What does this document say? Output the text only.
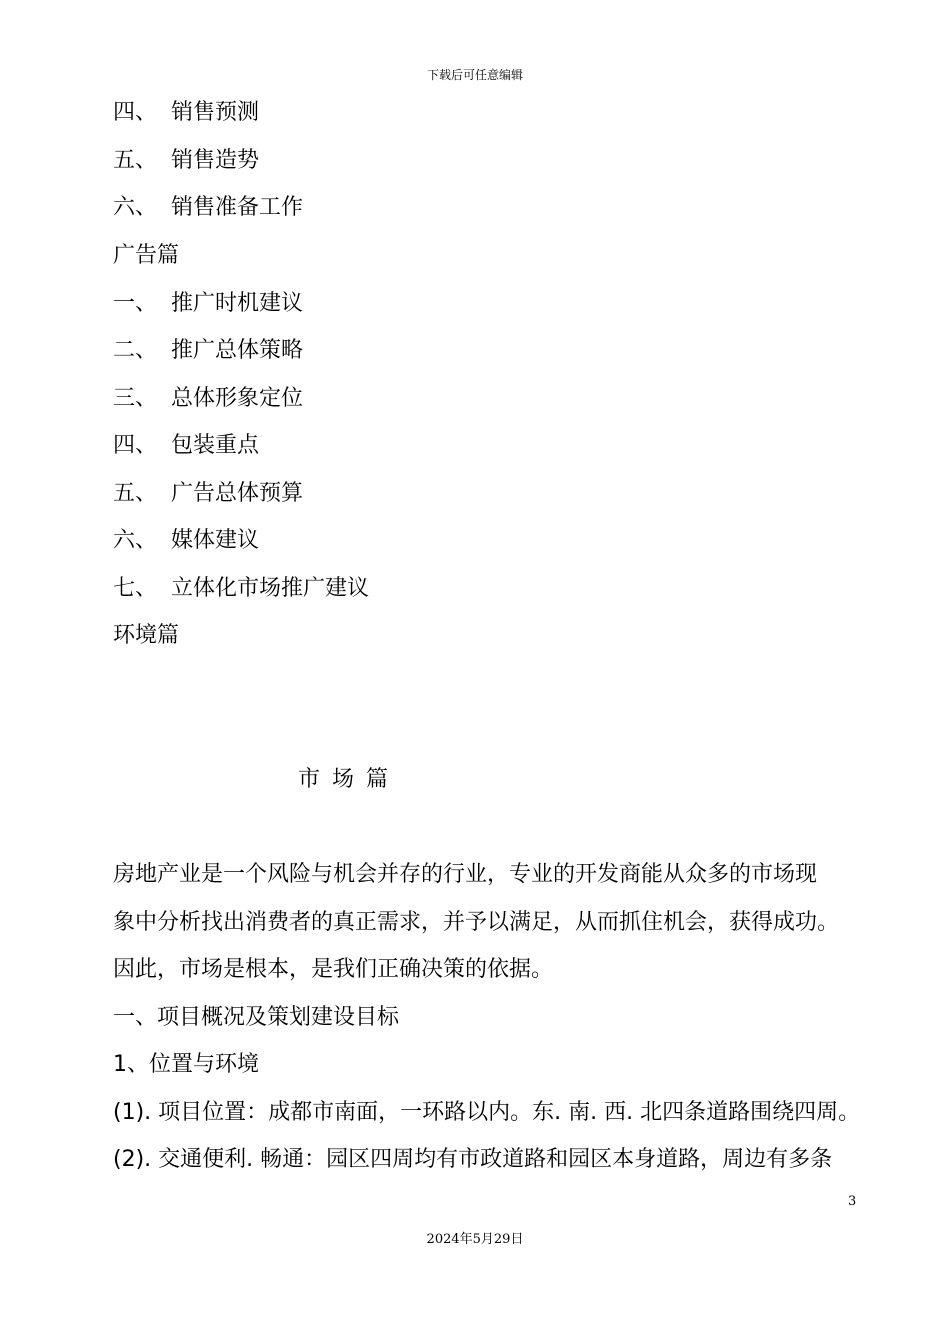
下载后可任意编辑
四、 销售预测
五、 销售造势
六、 销售准备工作
广告篇
一、 推广时机建议
二、 推广总体策略
三、 总体形象定位
四、 包装重点
五、 广告总体预算
六、 媒体建议
七、 立体化市场推广建议
环境篇
市场篇
房地产业是一个风险与机会并存的行业，专业的开发商能从众多的市场现
象中分析找出消费者的真正需求，并予以满足，从而抓住机会，获得成功。
因此，市场是根本，是我们正确决策的依据。
一、项目概况及策划建设目标
1、位置与环境
(1). 项目位置：成都市南面，一环路以内。东. 南. 西. 北四条道路围绕四周。
(2). 交通便利. 畅通：园区四周均有市政道路和园区本身道路，周边有多条
3
2024年5月29日
